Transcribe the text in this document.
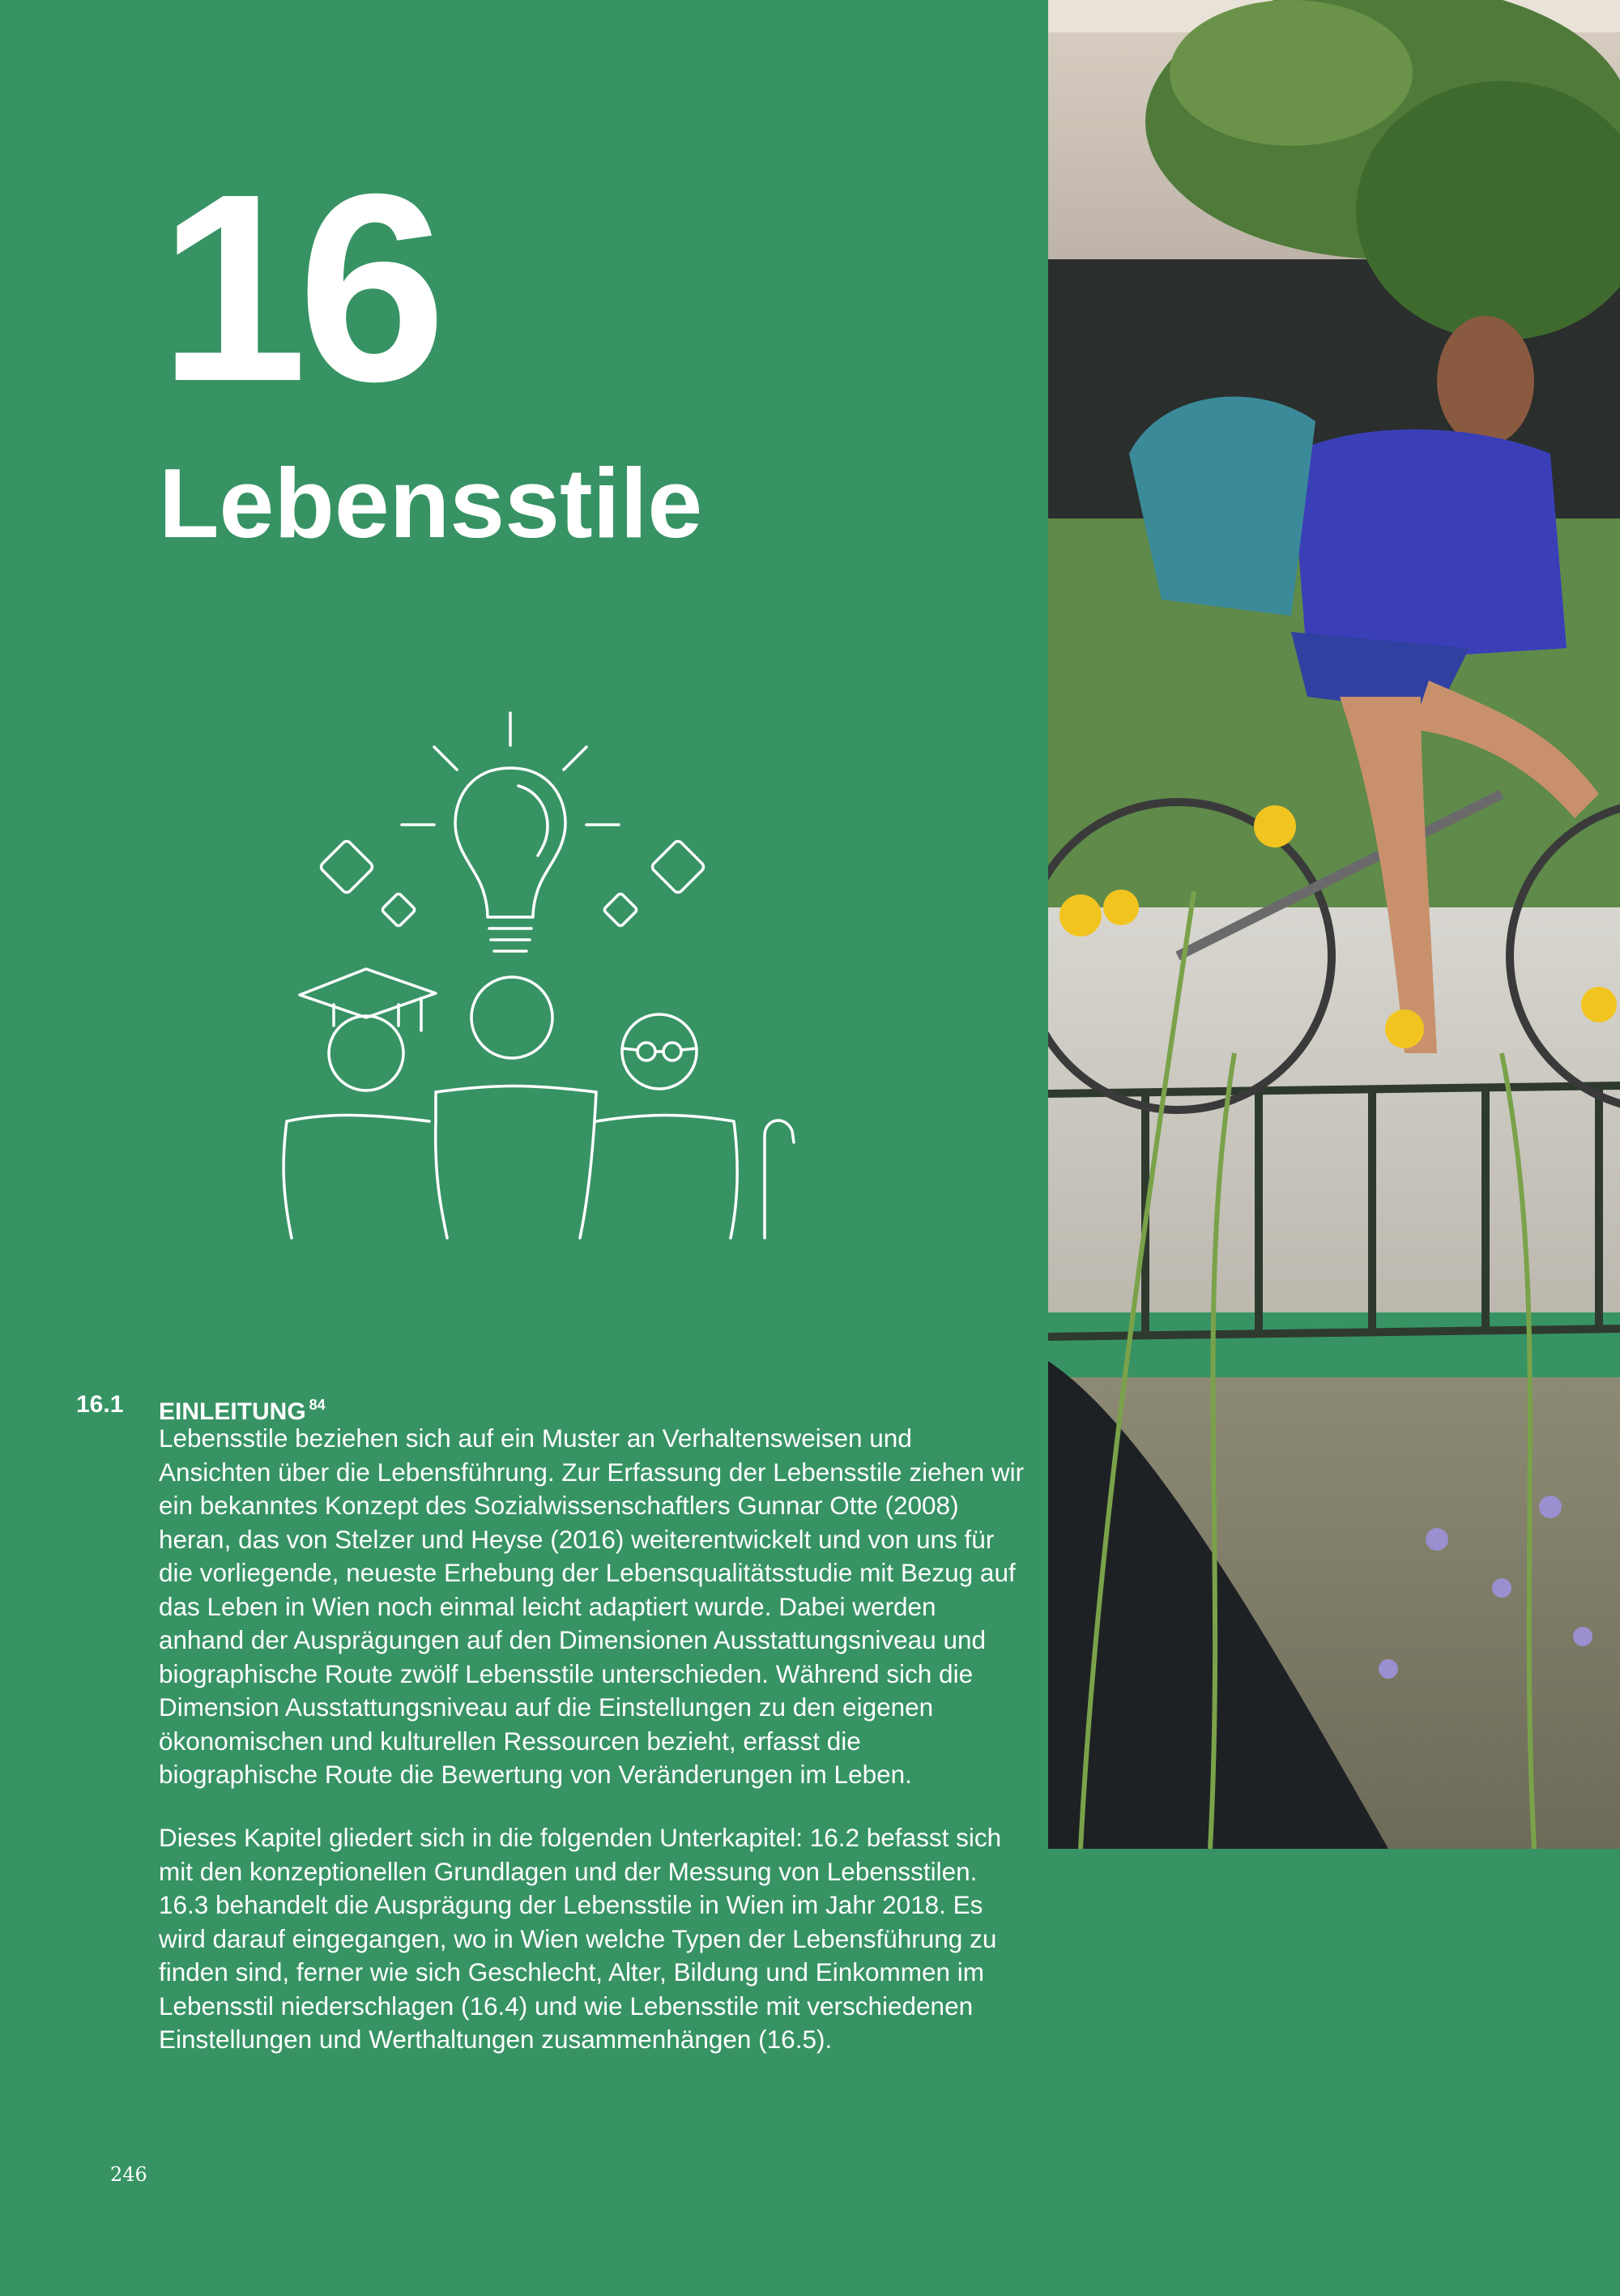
16
Lebensstile
16.1 EINLEITUNG $^{84}$

Lebensstile beziehen sich auf ein Muster an Verhaltensweisen und Ansichten über die Lebensführung. Zur Erfassung der Lebensstile ziehen wir ein bekanntes Konzept des Sozialwissenschaftlers Gunnar Otte (2008) heran, das von Stelzer und Heyse (2016) weiterentwickelt und von uns für die vorliegende, neueste Erhebung der Lebensqualitätsstudie mit Bezug auf das Leben in Wien noch einmal leicht adaptiert wurde. Dabei werden anhand der Ausprägungen auf den Dimensionen Ausstattungsniveau und biographische Route zwölf Lebensstile unterschieden. Während sich die Dimension Ausstattungsniveau auf die Einstellungen zu den eigenen ökonomischen und kulturellen Ressourcen bezieht, erfasst die biographische Route die Bewertung von Veränderungen im Leben.

Dieses Kapitel gliedert sich in die folgenden Unterkapitel: 16.2 befasst sich mit den konzeptionellen Grundlagen und der Messung von Lebensstilen. 16.3 behandelt die Ausprägung der Lebensstile in Wien im Jahr 2018. Es wird darauf eingegangen, wo in Wien welche Typen der Lebensführung zu finden sind, ferner wie sich Geschlecht, Alter, Bildung und Einkommen im Lebensstil niederschlagen (16.4) und wie Lebensstile mit verschiedenen Einstellungen und Werthaltungen zusammenhängen (16.5).

246
